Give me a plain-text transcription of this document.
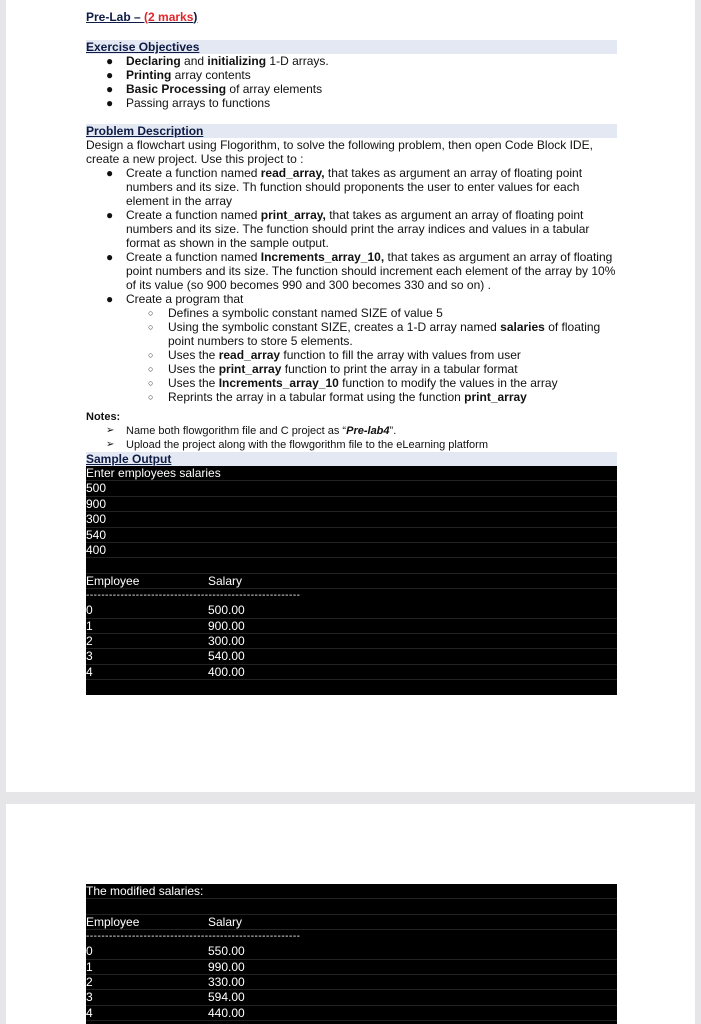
Pre-Lab – (2 marks)
Exercise Objectives
● Declaring and initializing 1-D arrays.
● Printing array contents
● Basic Processing of array elements
● Passing arrays to functions
Problem Description
Design a flowchart using Flogorithm, to solve the following problem, then open Code Block IDE, create a new project. Use this project to :
● Create a function named read_array, that takes as argument an array of floating point numbers and its size. Th function should proponents the user to enter values for each element in the array
● Create a function named print_array, that takes as argument an array of floating point numbers and its size. The function should print the array indices and values in a tabular format as shown in the sample output.
● Create a function named Increments_array_10, that takes as argument an array of floating point numbers and its size. The function should increment each element of the array by 10% of its value (so 900 becomes 990 and 300 becomes 330 and so on) .
● Create a program that
○ Defines a symbolic constant named SIZE of value 5
○ Using the symbolic constant SIZE, creates a 1-D array named salaries of floating point numbers to store 5 elements.
○ Uses the read_array function to fill the array with values from user
○ Uses the print_array function to print the array in a tabular format
○ Uses the Increments_array_10 function to modify the values in the array
○ Reprints the array in a tabular format using the function print_array
Notes:
➢ Name both flowgorithm file and C project as “Pre-lab4”.
➢ Upload the project along with the flowgorithm file to the eLearning platform
Sample Output
Enter employees salaries
500
900
300
540
400
Employee	Salary
--------------------------------------------------------
0	500.00
1	900.00
2	300.00
3	540.00
4	400.00
The modified salaries:
Employee	Salary
--------------------------------------------------------
0	550.00
1	990.00
2	330.00
3	594.00
4	440.00
